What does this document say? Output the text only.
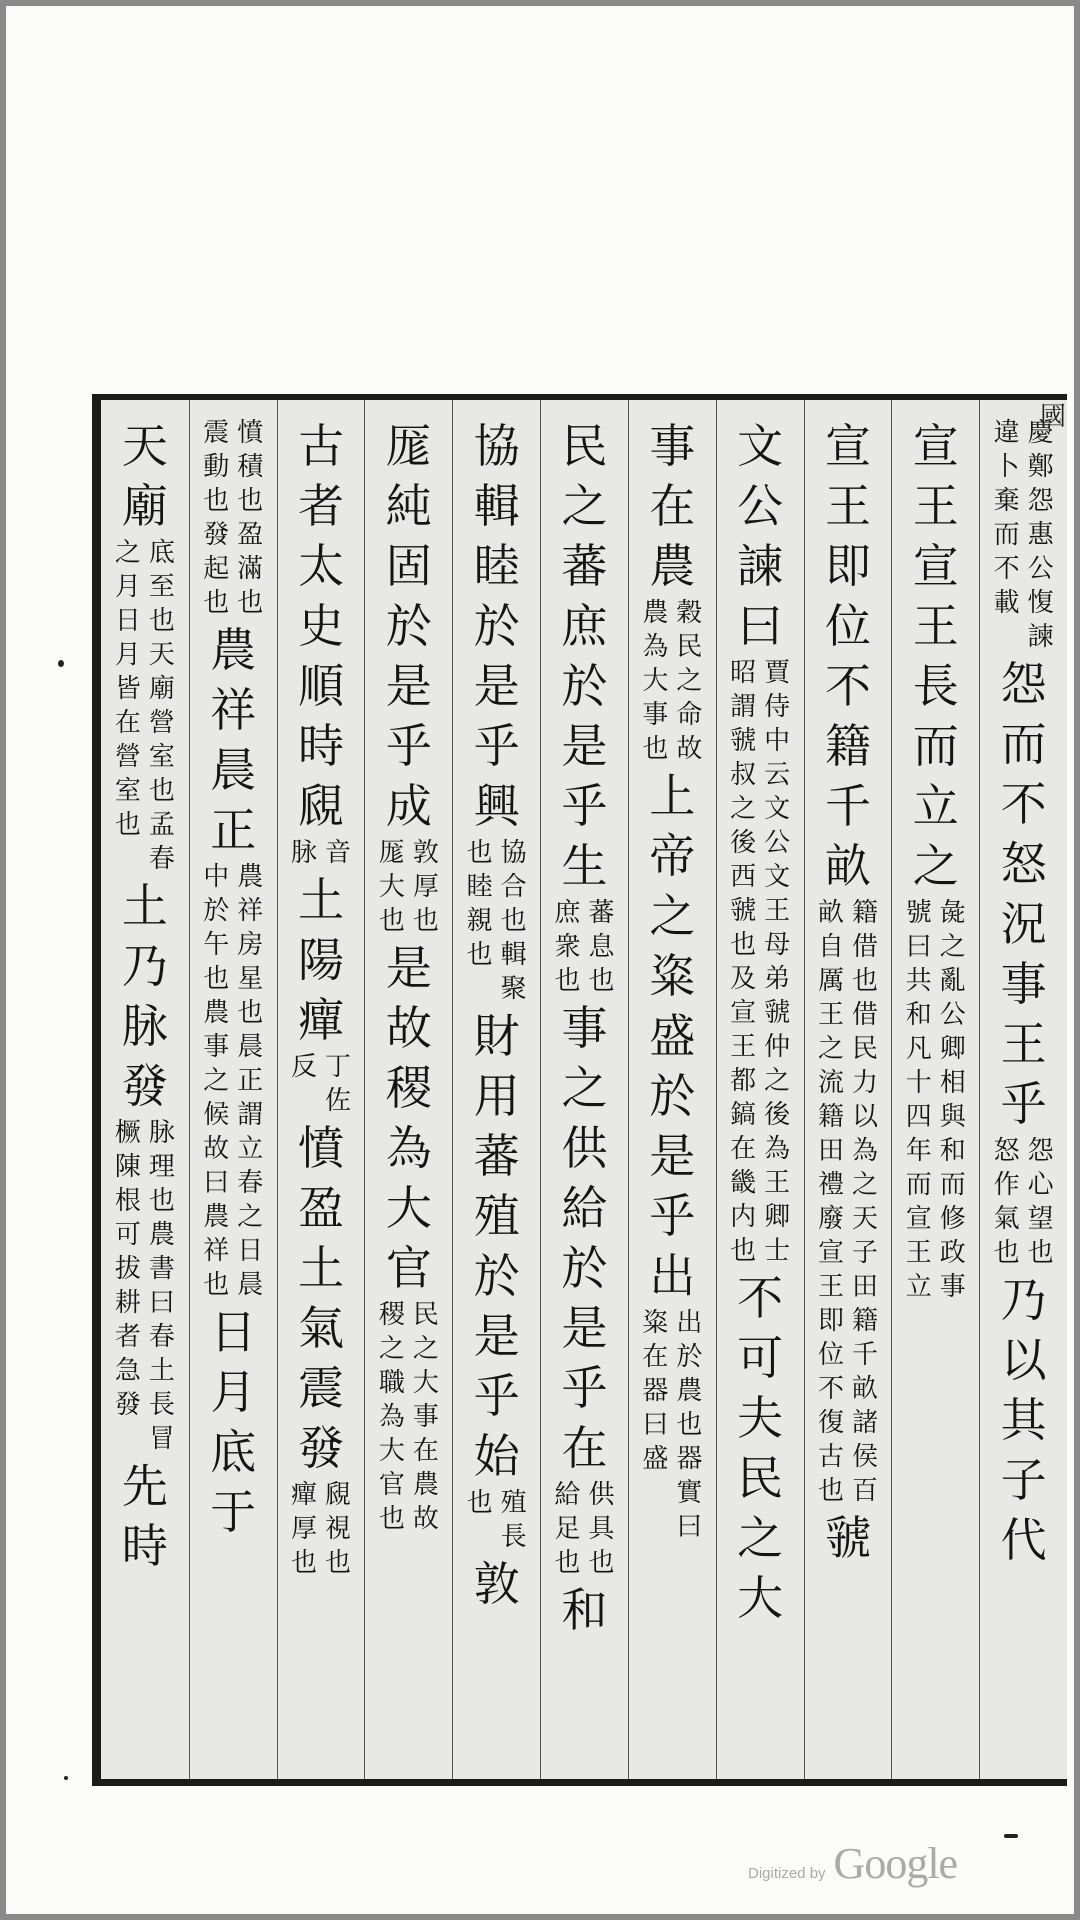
慶
鄭
怨
惠
公
愎
諫
違
卜
棄
而
不
載
怨
而
不
怒
況
事
王
乎
怨
心
望
也
怒
作
氣
也
乃
以
其
子
代
宣
王
宣
王
長
而
立
之
彘
之
亂
公
卿
相
與
和
而
修
政
事
號
曰
共
和
凡
十
四
年
而
宣
王
立
宣
王
即
位
不
籍
千
畝
籍
借
也
借
民
力
以
為
之
天
子
田
籍
千
畝
諸
侯
百
畝
自
厲
王
之
流
籍
田
禮
廢
宣
王
即
位
不
復
古
也
虢
文
公
諫
曰
賈
侍
中
云
文
公
文
王
母
弟
虢
仲
之
後
為
王
卿
士
昭
謂
虢
叔
之
後
西
虢
也
及
宣
王
都
鎬
在
畿
内
也
不
可
夫
民
之
大
事
在
農
穀
民
之
命
故
農
為
大
事
也
上
帝
之
粢
盛
於
是
乎
出
出
於
農
也
器
實
曰
粢
在
器
曰
盛
民
之
蕃
庶
於
是
乎
生
蕃
息
也
庶
衆
也
事
之
供
給
於
是
乎
在
供
具
也
給
足
也
和
協
輯
睦
於
是
乎
興
協
合
也
輯
聚
也
睦
親
也
財
用
蕃
殖
於
是
乎
始
殖
長
也
敦
厖
純
固
於
是
乎
成
敦
厚
也
厖
大
也
是
故
稷
為
大
官
民
之
大
事
在
農
故
稷
之
職
為
大
官
也
古
者
太
史
順
時
覛
音
脉
土
陽
癉
丁
佐
反
憤
盈
土
氣
震
發
覛
視
也
癉
厚
也
憤
積
也
盈
滿
也
震
動
也
發
起
也
農
祥
晨
正
農
祥
房
星
也
晨
正
謂
立
春
之
日
晨
中
於
午
也
農
事
之
候
故
曰
農
祥
也
日
月
底
于
天
廟
底
至
也
天
廟
營
室
也
孟
春
之
月
日
月
皆
在
營
室
也
土
乃
脉
發
脉
理
也
農
書
曰
春
土
長
冒
橛
陳
根
可
拔
耕
者
急
發
先
時
國
Digitized by Google
